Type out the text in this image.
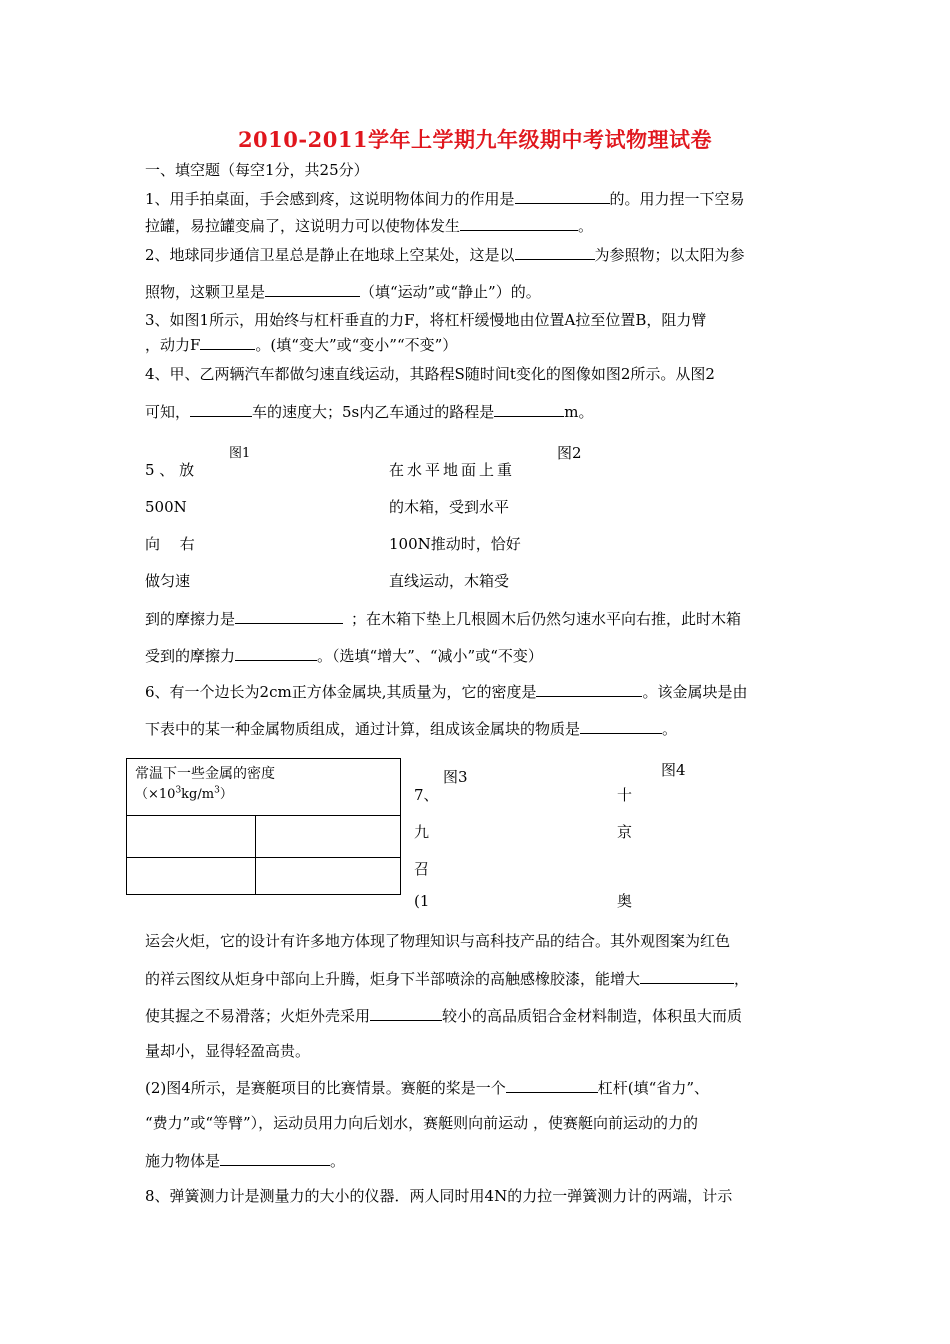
2010-2011学年上学期九年级期中考试物理试卷
一、填空题（每空1分，共25分）
1、用手拍桌面，手会感到疼，这说明物体间力的作用是	的。用力捏一下空易
拉罐，易拉罐变扁了，这说明力可以使物体发生	。
2、地球同步通信卫星总是静止在地球上空某处，这是以	为参照物；以太阳为参
照物，这颗卫星是	（填“运动”或“静止”）的。
3、如图1所示，用始终与杠杆垂直的力F，将杠杆缓慢地由位置A拉至位置B，阻力臂
，动力F	。(填“变大”或“变小”“不变”）
4、甲、乙两辆汽车都做匀速直线运动，其路程S随时间t变化的图像如图2所示。从图2
可知，	车的速度大；5s内乙车通过的路程是	m。
图1	图2
5 、 放
500N
向　 右
做匀速
在水平地面上重
的木箱，受到水平
100N推动时，恰好
直线运动，木箱受
到的摩擦力是	；在木箱下垫上几根圆木后仍然匀速水平向右推，此时木箱
受到的摩擦力	。（选填“增大”、“减小”或“不变）
6、有一个边长为2cm正方体金属块,其质量为，它的密度是	。该金属块是由
下表中的某一种金属物质组成，通过计算，组成该金属块的物质是	。
常温下一些金属的密度
$(\times 10^3kg/m^3)$	

图3	图4
7、
九
召
(1
十
京
奥
运会火炬，它的设计有许多地方体现了物理知识与高科技产品的结合。其外观图案为红色
的祥云图纹从炬身中部向上升腾，炬身下半部喷涂的高触感橡胶漆，能增大	，
使其握之不易滑落；火炬外壳采用	较小的高品质铝合金材料制造，体积虽大而质
量却小，显得轻盈高贵。
(2)图4所示，是赛艇项目的比赛情景。赛艇的桨是一个	杠杆(填“省力”、
“费力”或“等臂”），运动员用力向后划水，赛艇则向前运动 ，使赛艇向前运动的力的
施力物体是	。
8、弹簧测力计是测量力的大小的仪器．两人同时用4N的力拉一弹簧测力计的两端，计示
